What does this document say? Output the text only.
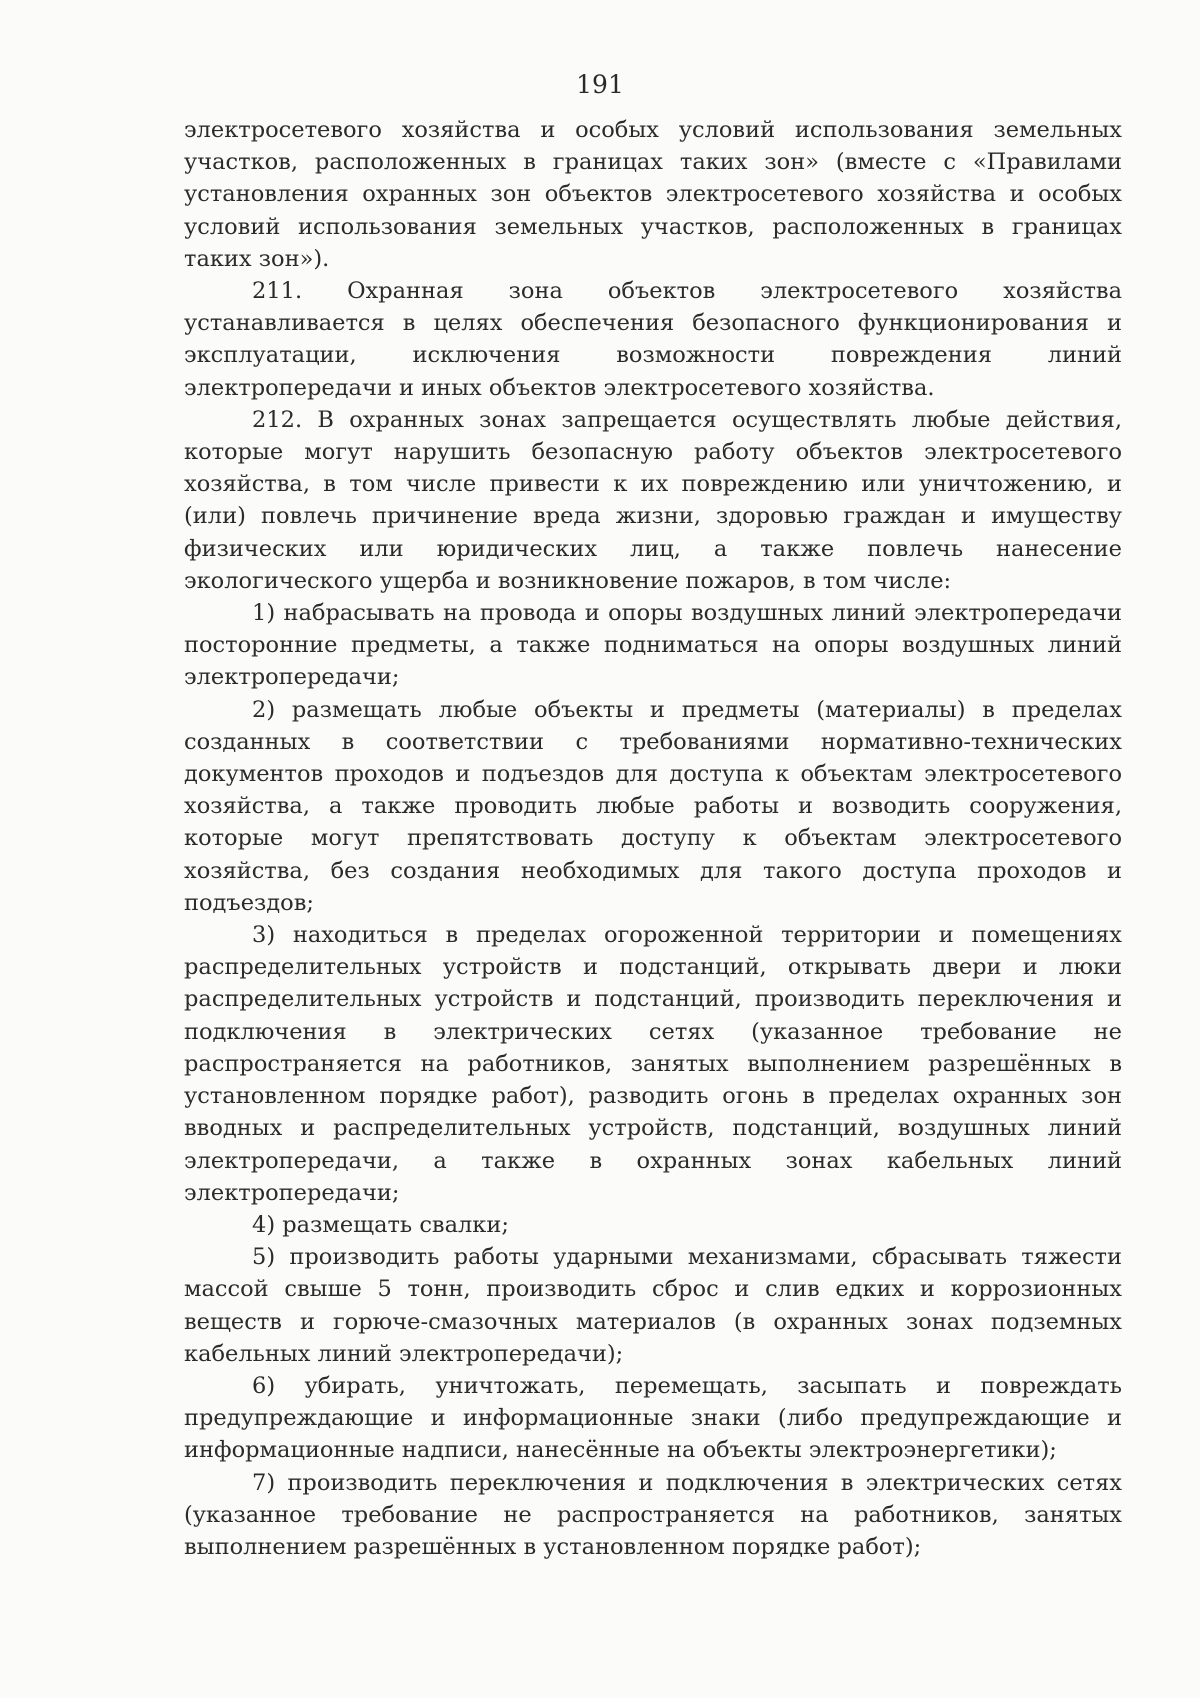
191

электросетевого хозяйства и особых условий использования земельных участков, расположенных в границах таких зон» (вместе с «Правилами установления охранных зон объектов электросетевого хозяйства и особых условий использования земельных участков, расположенных в границах таких зон»).

211. Охранная зона объектов электросетевого хозяйства устанавливается в целях обеспечения безопасного функционирования и эксплуатации, исключения возможности повреждения линий электропередачи и иных объектов электросетевого хозяйства.

212. В охранных зонах запрещается осуществлять любые действия, которые могут нарушить безопасную работу объектов электросетевого хозяйства, в том числе привести к их повреждению или уничтожению, и (или) повлечь причинение вреда жизни, здоровью граждан и имуществу физических или юридических лиц, а также повлечь нанесение экологического ущерба и возникновение пожаров, в том числе:

1) набрасывать на провода и опоры воздушных линий электропередачи посторонние предметы, а также подниматься на опоры воздушных линий электропередачи;

2) размещать любые объекты и предметы (материалы) в пределах созданных в соответствии с требованиями нормативно-технических документов проходов и подъездов для доступа к объектам электросетевого хозяйства, а также проводить любые работы и возводить сооружения, которые могут препятствовать доступу к объектам электросетевого хозяйства, без создания необходимых для такого доступа проходов и подъездов;

3) находиться в пределах огороженной территории и помещениях распределительных устройств и подстанций, открывать двери и люки распределительных устройств и подстанций, производить переключения и подключения в электрических сетях (указанное требование не распространяется на работников, занятых выполнением разрешённых в установленном порядке работ), разводить огонь в пределах охранных зон вводных и распределительных устройств, подстанций, воздушных линий электропередачи, а также в охранных зонах кабельных линий электропередачи;

4) размещать свалки;

5) производить работы ударными механизмами, сбрасывать тяжести массой свыше 5 тонн, производить сброс и слив едких и коррозионных веществ и горюче-смазочных материалов (в охранных зонах подземных кабельных линий электропередачи);

6) убирать, уничтожать, перемещать, засыпать и повреждать предупреждающие и информационные знаки (либо предупреждающие и информационные надписи, нанесённые на объекты электроэнергетики);

7) производить переключения и подключения в электрических сетях (указанное требование не распространяется на работников, занятых выполнением разрешённых в установленном порядке работ);
